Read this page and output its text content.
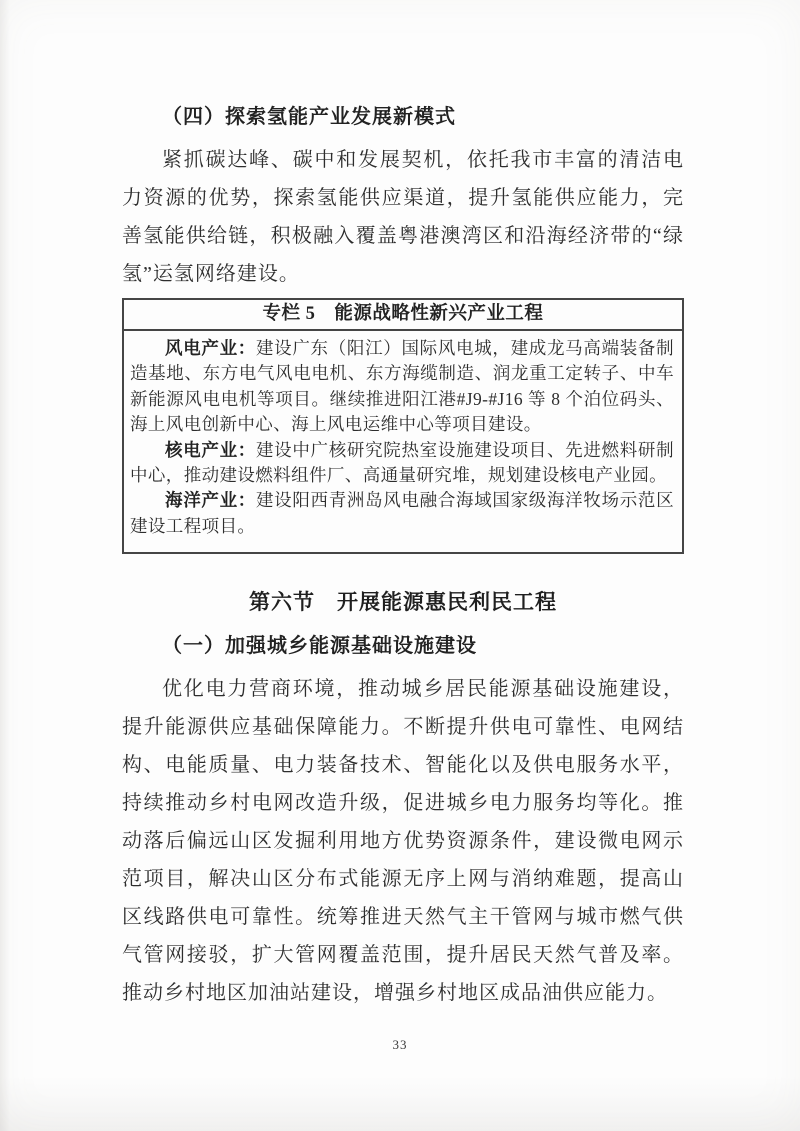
（四）探索氢能产业发展新模式

紧抓碳达峰、碳中和发展契机，依托我市丰富的清洁电力资源的优势，探索氢能供应渠道，提升氢能供应能力，完善氢能供给链，积极融入覆盖粤港澳湾区和沿海经济带的“绿氢”运氢网络建设。

专栏 5　能源战略性新兴产业工程

风电产业：建设广东（阳江）国际风电城，建成龙马高端装备制造基地、东方电气风电电机、东方海缆制造、润龙重工定转子、中车新能源风电电机等项目。继续推进阳江港#J9-#J16 等 8 个泊位码头、海上风电创新中心、海上风电运维中心等项目建设。

核电产业：建设中广核研究院热室设施建设项目、先进燃料研制中心，推动建设燃料组件厂、高通量研究堆，规划建设核电产业园。

海洋产业：建设阳西青洲岛风电融合海域国家级海洋牧场示范区建设工程项目。

第六节　开展能源惠民利民工程
（一）加强城乡能源基础设施建设

优化电力营商环境，推动城乡居民能源基础设施建设，提升能源供应基础保障能力。不断提升供电可靠性、电网结构、电能质量、电力装备技术、智能化以及供电服务水平，持续推动乡村电网改造升级，促进城乡电力服务均等化。推动落后偏远山区发掘利用地方优势资源条件，建设微电网示范项目，解决山区分布式能源无序上网与消纳难题，提高山区线路供电可靠性。统筹推进天然气主干管网与城市燃气供气管网接驳，扩大管网覆盖范围，提升居民天然气普及率。推动乡村地区加油站建设，增强乡村地区成品油供应能力。

33
